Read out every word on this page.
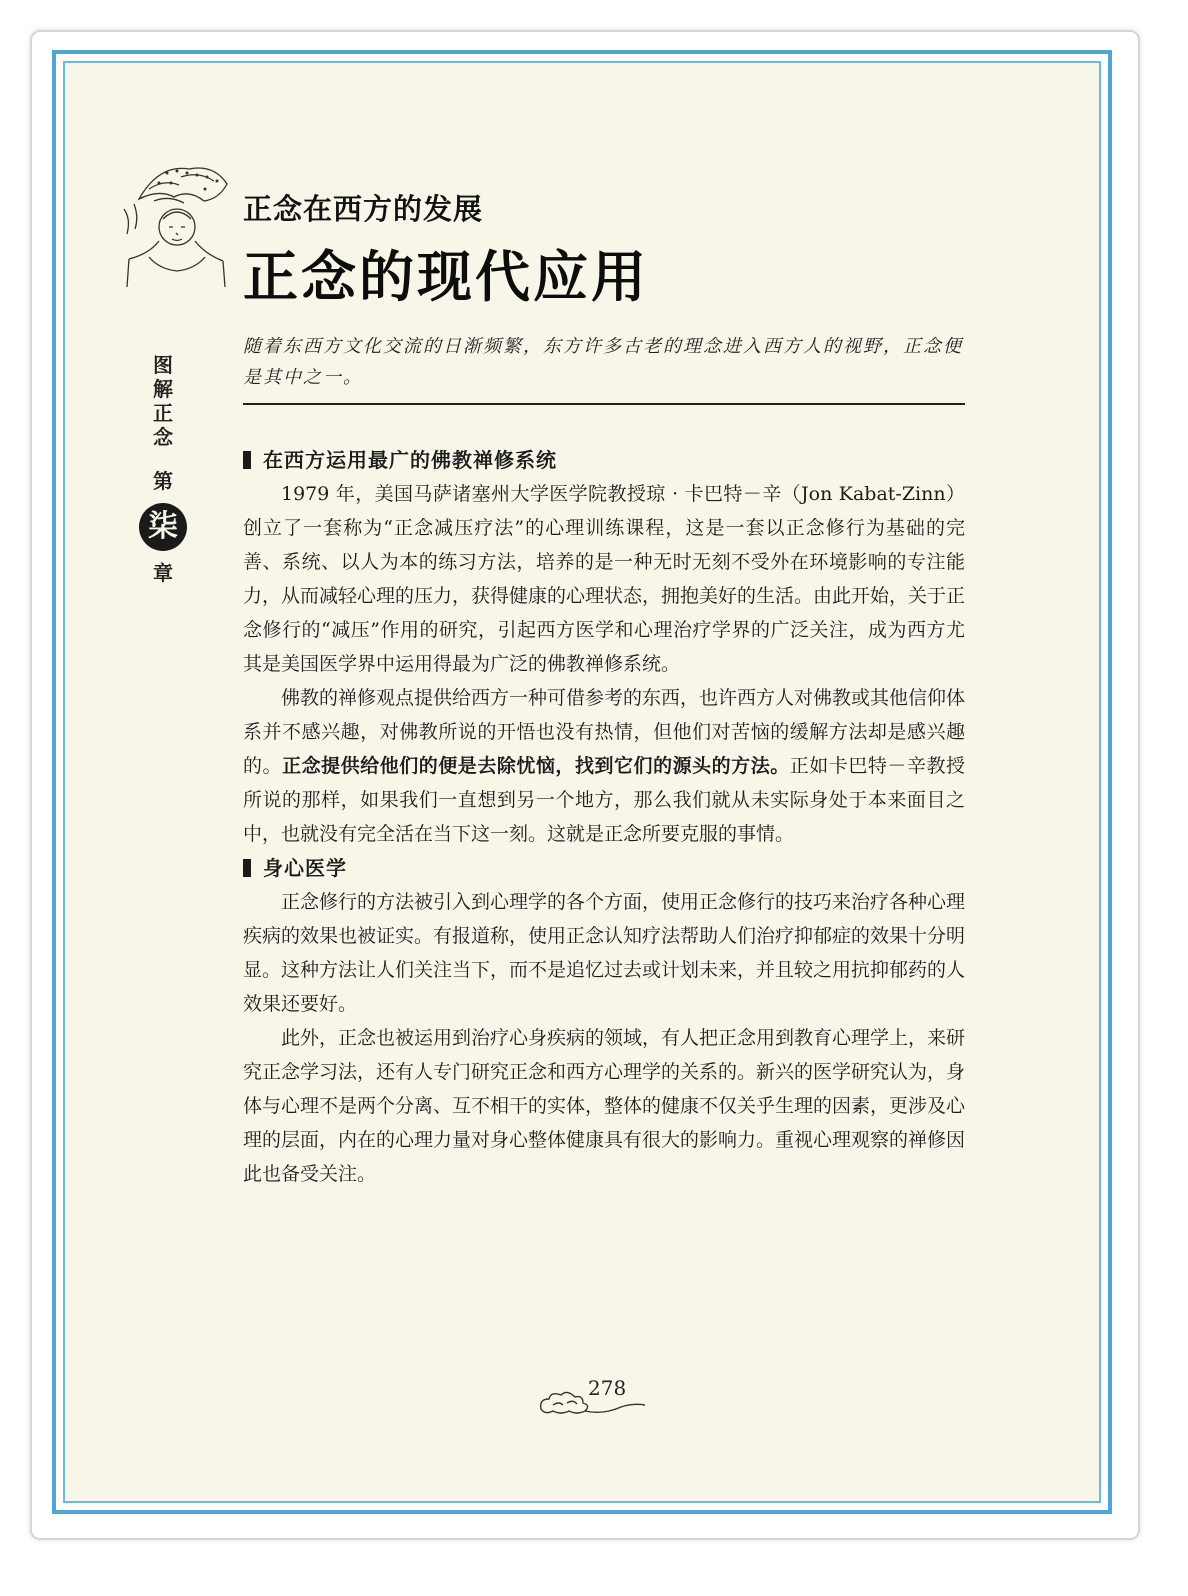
正念在西方的发展
正念的现代应用
图
解
正
念
第
柒
章
随着东西方文化交流的日渐频繁，东方许多古老的理念进入西方人的视野，正念便是其中之一。
在西方运用最广的佛教禅修系统

1979 年，美国马萨诸塞州大学医学院教授琼 · 卡巴特－辛（Jon Kabat-Zinn）创立了一套称为“正念减压疗法”的心理训练课程，这是一套以正念修行为基础的完善、系统、以人为本的练习方法，培养的是一种无时无刻不受外在环境影响的专注能力，从而减轻心理的压力，获得健康的心理状态，拥抱美好的生活。由此开始，关于正念修行的“减压”作用的研究，引起西方医学和心理治疗学界的广泛关注，成为西方尤其是美国医学界中运用得最为广泛的佛教禅修系统。

佛教的禅修观点提供给西方一种可借参考的东西，也许西方人对佛教或其他信仰体系并不感兴趣，对佛教所说的开悟也没有热情，但他们对苦恼的缓解方法却是感兴趣的。正念提供给他们的便是去除忧恼，找到它们的源头的方法。正如卡巴特－辛教授所说的那样，如果我们一直想到另一个地方，那么我们就从未实际身处于本来面目之中，也就没有完全活在当下这一刻。这就是正念所要克服的事情。

身心医学

正念修行的方法被引入到心理学的各个方面，使用正念修行的技巧来治疗各种心理疾病的效果也被证实。有报道称，使用正念认知疗法帮助人们治疗抑郁症的效果十分明显。这种方法让人们关注当下，而不是追忆过去或计划未来，并且较之用抗抑郁药的人效果还要好。

此外，正念也被运用到治疗心身疾病的领域，有人把正念用到教育心理学上，来研究正念学习法，还有人专门研究正念和西方心理学的关系的。新兴的医学研究认为，身体与心理不是两个分离、互不相干的实体，整体的健康不仅关乎生理的因素，更涉及心理的层面，内在的心理力量对身心整体健康具有很大的影响力。重视心理观察的禅修因此也备受关注。

278
